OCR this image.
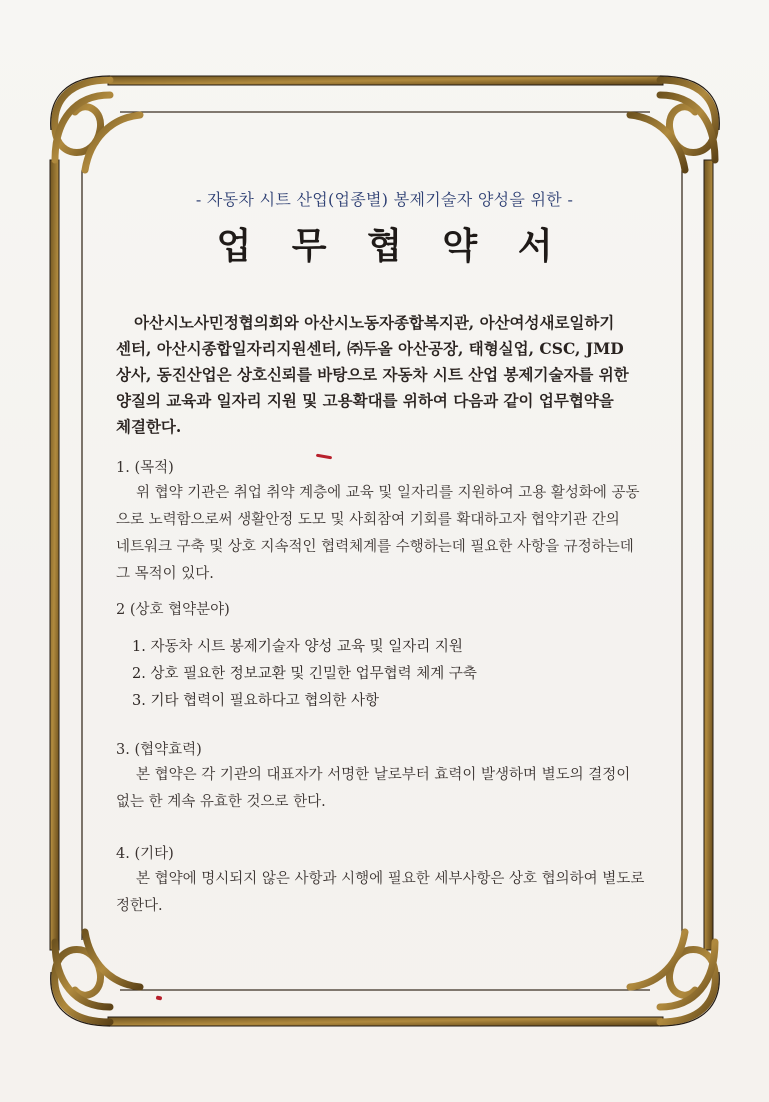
- 자동차 시트 산업(업종별) 봉제기술자 양성을 위한 -
업 무 협 약 서
아산시노사민정협의회와 아산시노동자종합복지관, 아산여성새로일하기
센터, 아산시종합일자리지원센터, ㈜두올 아산공장, 태형실업, CSC, JMD
상사, 동진산업은 상호신뢰를 바탕으로 자동차 시트 산업 봉제기술자를 위한
양질의 교육과 일자리 지원 및 고용확대를 위하여 다음과 같이 업무협약을
체결한다.
1. (목적)
위 협약 기관은 취업 취약 계층에 교육 및 일자리를 지원하여 고용 활성화에 공동
으로 노력함으로써 생활안정 도모 및 사회참여 기회를 확대하고자 협약기관 간의
네트워크 구축 및 상호 지속적인 협력체계를 수행하는데 필요한 사항을 규정하는데
그 목적이 있다.
2 (상호 협약분야)
1. 자동차 시트 봉제기술자 양성 교육 및 일자리 지원
2. 상호 필요한 정보교환 및 긴밀한 업무협력 체계 구축
3. 기타 협력이 필요하다고 협의한 사항
3. (협약효력)
본 협약은 각 기관의 대표자가 서명한 날로부터 효력이 발생하며 별도의 결정이
없는 한 계속 유효한 것으로 한다.
4. (기타)
본 협약에 명시되지 않은 사항과 시행에 필요한 세부사항은 상호 협의하여 별도로
정한다.
